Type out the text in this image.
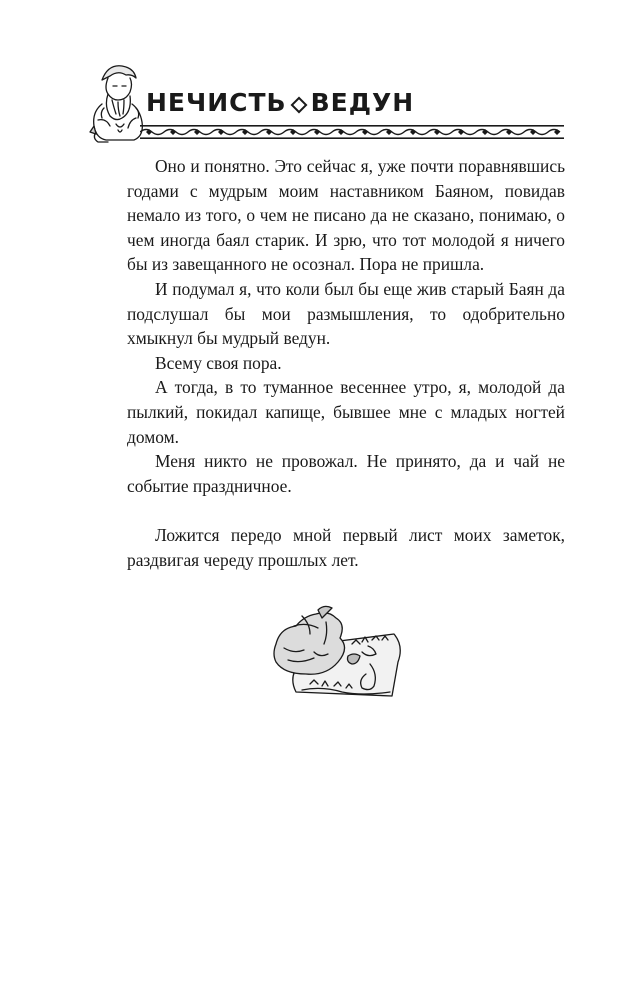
НЕЧИСТЬ ВЕДУН

Оно и понятно. Это сейчас я, уже почти поравнявшись годами с мудрым моим наставником Баяном, повидав немало из того, о чем не писано да не сказано, понимаю, о чем иногда баял старик. И зрю, что тот молодой я ничего бы из завещанного не осознал. Пора не пришла.

И подумал я, что коли был бы еще жив старый Баян да подслушал бы мои размышления, то одобрительно хмыкнул бы мудрый ведун.

Всему своя пора.

А тогда, в то туманное весеннее утро, я, молодой да пылкий, покидал капище, бывшее мне с младых ногтей домом.

Меня никто не провожал. Не принято, да и чай не событие праздничное.

Ложится передо мной первый лист моих заметок, раздвигая череду прошлых лет.
